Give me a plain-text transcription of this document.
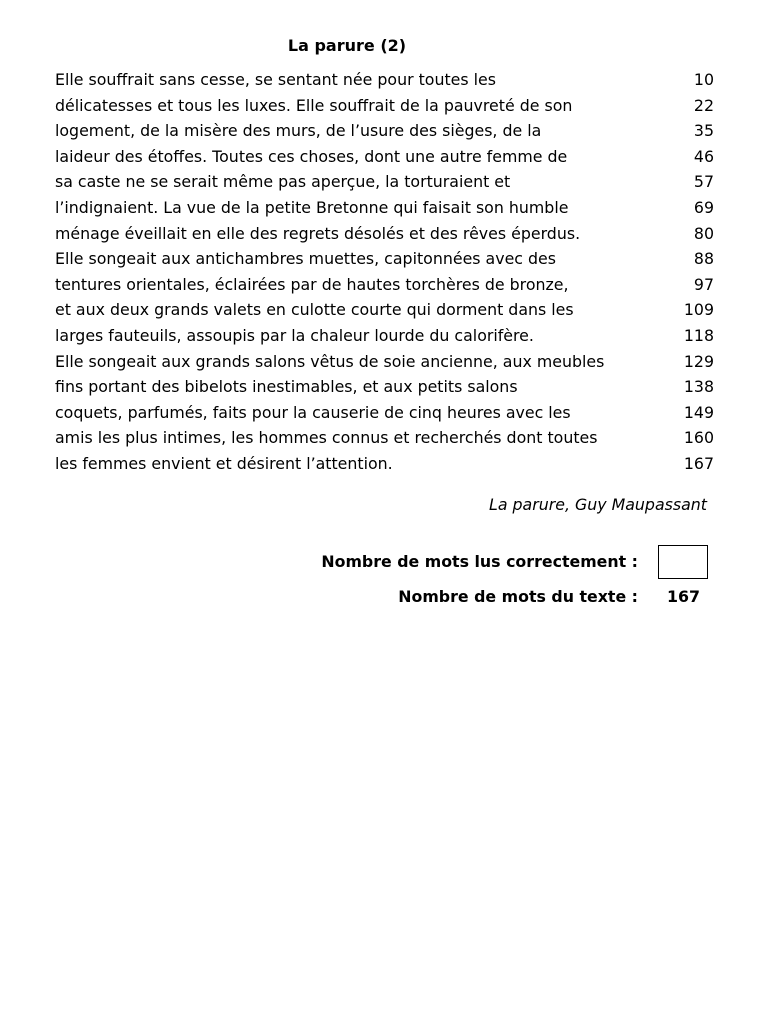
La parure (2)
Elle souffrait sans cesse, se sentant née pour toutes les	10
délicatesses et tous les luxes. Elle souffrait de la pauvreté de son	22
logement, de la misère des murs, de l’usure des sièges, de la	35
laideur des étoffes. Toutes ces choses, dont une autre femme de	46
sa caste ne se serait même pas aperçue, la torturaient et	57
l’indignaient. La vue de la petite Bretonne qui faisait son humble	69
ménage éveillait en elle des regrets désolés et des rêves éperdus.	80
Elle songeait aux antichambres muettes, capitonnées avec des	88
tentures orientales, éclairées par de hautes torchères de bronze,	97
et aux deux grands valets en culotte courte qui dorment dans les	109
larges fauteuils, assoupis par la chaleur lourde du calorifère.	118
Elle songeait aux grands salons vêtus de soie ancienne, aux meubles	129
fins portant des bibelots inestimables, et aux petits salons	138
coquets, parfumés, faits pour la causerie de cinq heures avec les	149
amis les plus intimes, les hommes connus et recherchés dont toutes	160
les femmes envient et désirent l’attention.	167
La parure, Guy Maupassant
Nombre de mots lus correctement :
Nombre de mots du texte : 167
